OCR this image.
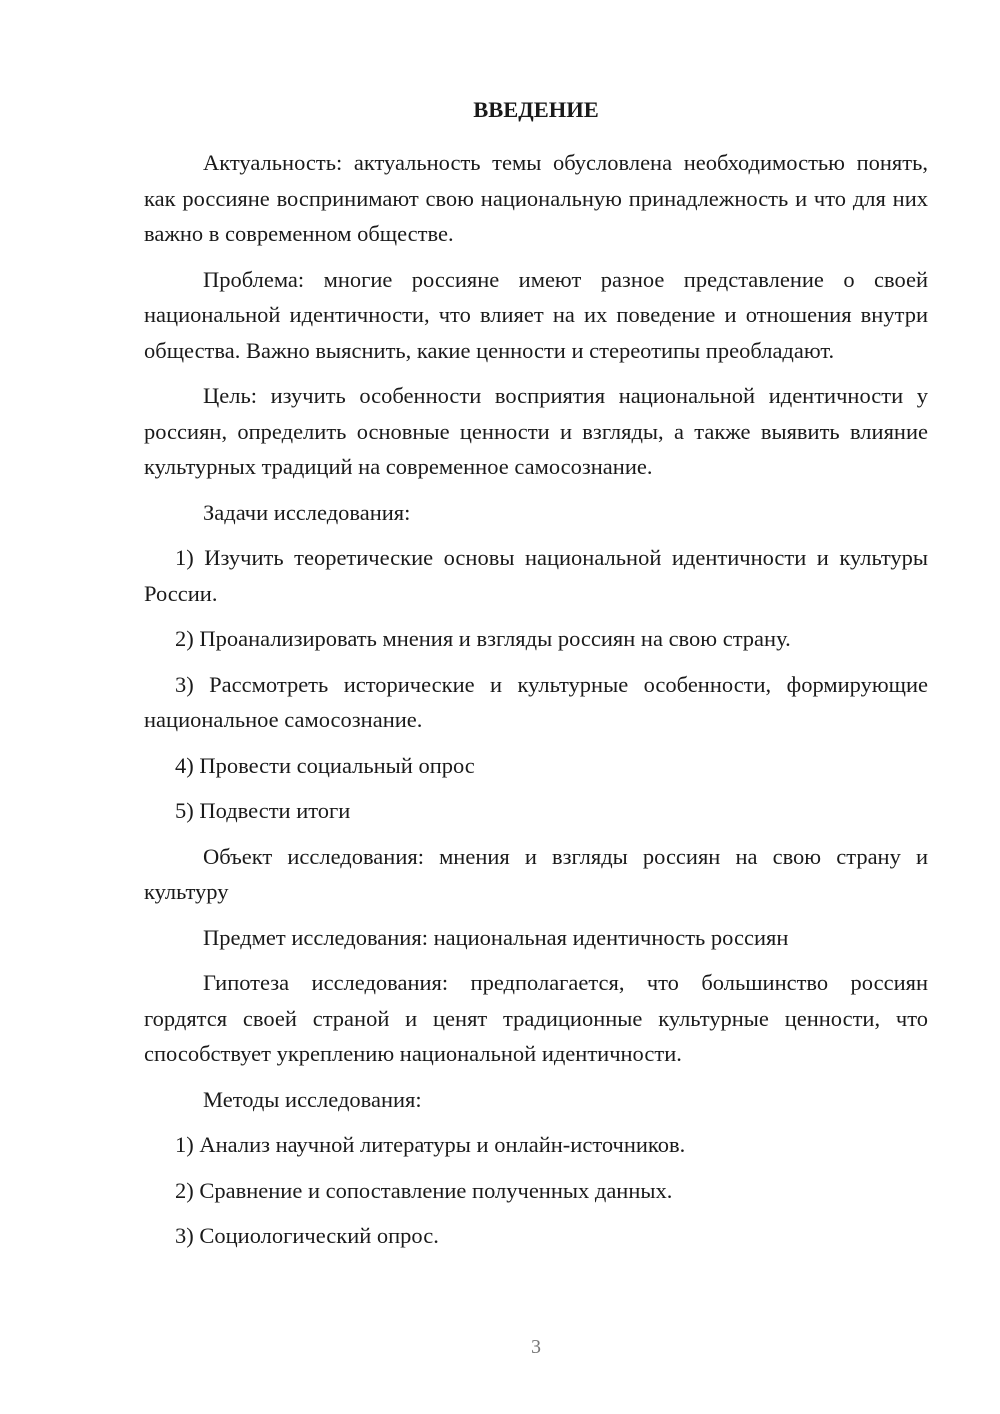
ВВЕДЕНИЕ

Актуальность: актуальность темы обусловлена необходимостью понять, как россияне воспринимают свою национальную принадлежность и что для них важно в современном обществе.

Проблема: многие россияне имеют разное представление о своей национальной идентичности, что влияет на их поведение и отношения внутри общества. Важно выяснить, какие ценности и стереотипы преобладают.

Цель: изучить особенности восприятия национальной идентичности у россиян, определить основные ценности и взгляды, а также выявить влияние культурных традиций на современное самосознание.

Задачи исследования:

1) Изучить теоретические основы национальной идентичности и культуры России.

2) Проанализировать мнения и взгляды россиян на свою страну.

3) Рассмотреть исторические и культурные особенности, формирующие национальное самосознание.

4) Провести социальный опрос

5) Подвести итоги

Объект исследования: мнения и взгляды россиян на свою страну и культуру

Предмет исследования: национальная идентичность россиян

Гипотеза исследования: предполагается, что большинство россиян гордятся своей страной и ценят традиционные культурные ценности, что способствует укреплению национальной идентичности.

Методы исследования:

1) Анализ научной литературы и онлайн-источников.

2) Сравнение и сопоставление полученных данных.

3) Социологический опрос.

3
